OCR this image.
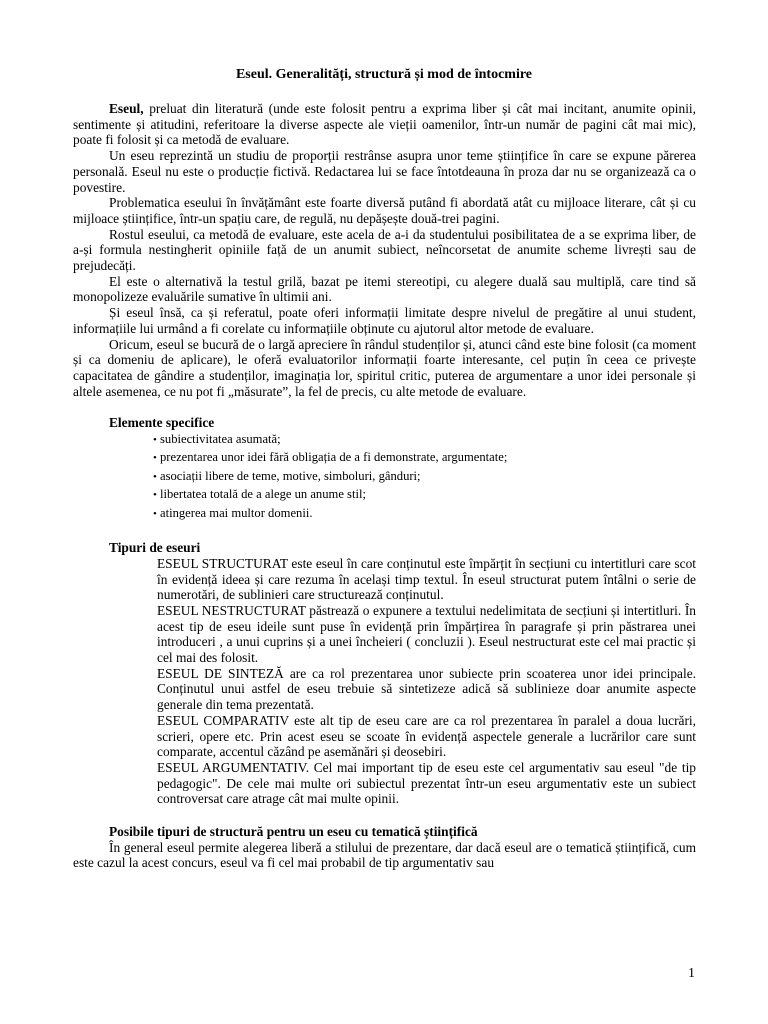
Eseul. Generalități, structură și mod de întocmire

Eseul, preluat din literatură (unde este folosit pentru a exprima liber și cât mai incitant, anumite opinii, sentimente și atitudini, referitoare la diverse aspecte ale vieții oamenilor, într-un număr de pagini cât mai mic), poate fi folosit și ca metodă de evaluare.

Un eseu reprezintă un studiu de proporții restrânse asupra unor teme științifice în care se expune părerea personală. Eseul nu este o producție fictivă. Redactarea lui se face întotdeauna în proza dar nu se organizează ca o povestire.

Problematica eseului în învățământ este foarte diversă putând fi abordată atât cu mijloace literare, cât și cu mijloace științifice, într-un spațiu care, de regulă, nu depășește două-trei pagini.

Rostul eseului, ca metodă de evaluare, este acela de a-i da studentului posibilitatea de a se exprima liber, de a-și formula nestingherit opiniile față de un anumit subiect, neîncorsetat de anumite scheme livrești sau de prejudecăți.

El este o alternativă la testul grilă, bazat pe itemi stereotipi, cu alegere duală sau multiplă, care tind să monopolizeze evaluările sumative în ultimii ani.

Și eseul însă, ca și referatul, poate oferi informații limitate despre nivelul de pregătire al unui student, informațiile lui urmând a fi corelate cu informațiile obținute cu ajutorul altor metode de evaluare.

Oricum, eseul se bucură de o largă apreciere în rândul studenților și, atunci când este bine folosit (ca moment și ca domeniu de aplicare), le oferă evaluatorilor informații foarte interesante, cel puțin în ceea ce privește capacitatea de gândire a studenților, imaginația lor, spiritul critic, puterea de argumentare a unor idei personale și altele asemenea, ce nu pot fi „măsurate”, la fel de precis, cu alte metode de evaluare.

Elemente specifice

• subiectivitatea asumată;
• prezentarea unor idei fără obligația de a fi demonstrate, argumentate;
• asociații libere de teme, motive, simboluri, gânduri;
• libertatea totală de a alege un anume stil;
• atingerea mai multor domenii.

Tipuri de eseuri

ESEUL STRUCTURAT este eseul în care conținutul este împărțit în secțiuni cu intertitluri care scot în evidență ideea și care rezuma în același timp textul. În eseul structurat putem întâlni o serie de numerotări, de sublinieri care structurează conținutul.

ESEUL NESTRUCTURAT păstrează o expunere a textului nedelimitata de secțiuni și intertitluri. În acest tip de eseu ideile sunt puse în evidență prin împărțirea în paragrafe și prin păstrarea unei introduceri , a unui cuprins și a unei încheieri ( concluzii ). Eseul nestructurat este cel mai practic și cel mai des folosit.

ESEUL DE SINTEZĂ are ca rol prezentarea unor subiecte prin scoaterea unor idei principale. Conținutul unui astfel de eseu trebuie să sintetizeze adică să sublinieze doar anumite aspecte generale din tema prezentată.

ESEUL COMPARATIV este alt tip de eseu care are ca rol prezentarea în paralel a doua lucrări, scrieri, opere etc. Prin acest eseu se scoate în evidență aspectele generale a lucrărilor care sunt comparate, accentul căzând pe asemănări și deosebiri.

ESEUL ARGUMENTATIV. Cel mai important tip de eseu este cel argumentativ sau eseul "de tip pedagogic". De cele mai multe ori subiectul prezentat într-un eseu argumentativ este un subiect controversat care atrage cât mai multe opinii.

Posibile tipuri de structură pentru un eseu cu tematică științifică

În general eseul permite alegerea liberă a stilului de prezentare, dar dacă eseul are o tematică științifică, cum este cazul la acest concurs, eseul va fi cel mai probabil de tip argumentativ sau

1
